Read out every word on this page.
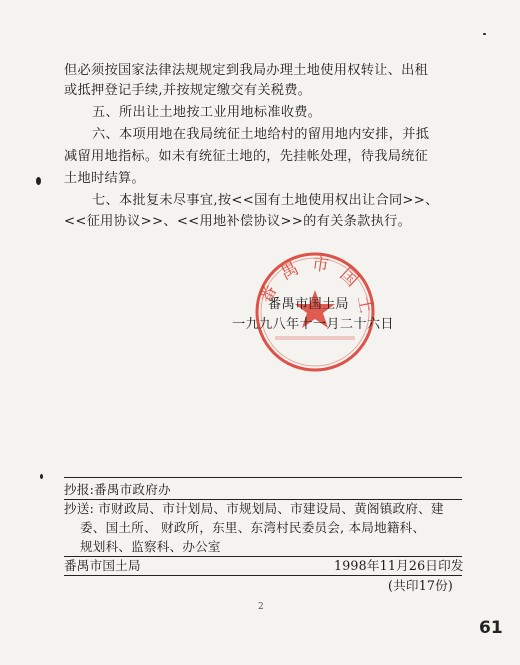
但必须按国家法律法规规定到我局办理土地使用权转让、出租
或抵押登记手续,并按规定缴交有关税费。
五、所出让土地按工业用地标准收费。
六、本项用地在我局统征土地给村的留用地内安排，并抵
减留用地指标。如未有统征土地的，先挂帐处理，待我局统征
土地时结算。
七、本批复未尽事宜,按<<国有土地使用权出让合同>>、
<<征用协议>>、<<用地补偿协议>>的有关条款执行。
番 禺 市 国 土
番禺市国土局
一九九八年十一月二十六日
抄报:番禺市政府办
抄送: 市财政局、市计划局、市规划局、市建设局、黄阁镇政府、建
委、国土所、 财政所，东里、东湾村民委员会, 本局地籍科、
规划科、监察科、办公室
番禺市国土局	1998年11月26日印发
(共印17份)
2
61
